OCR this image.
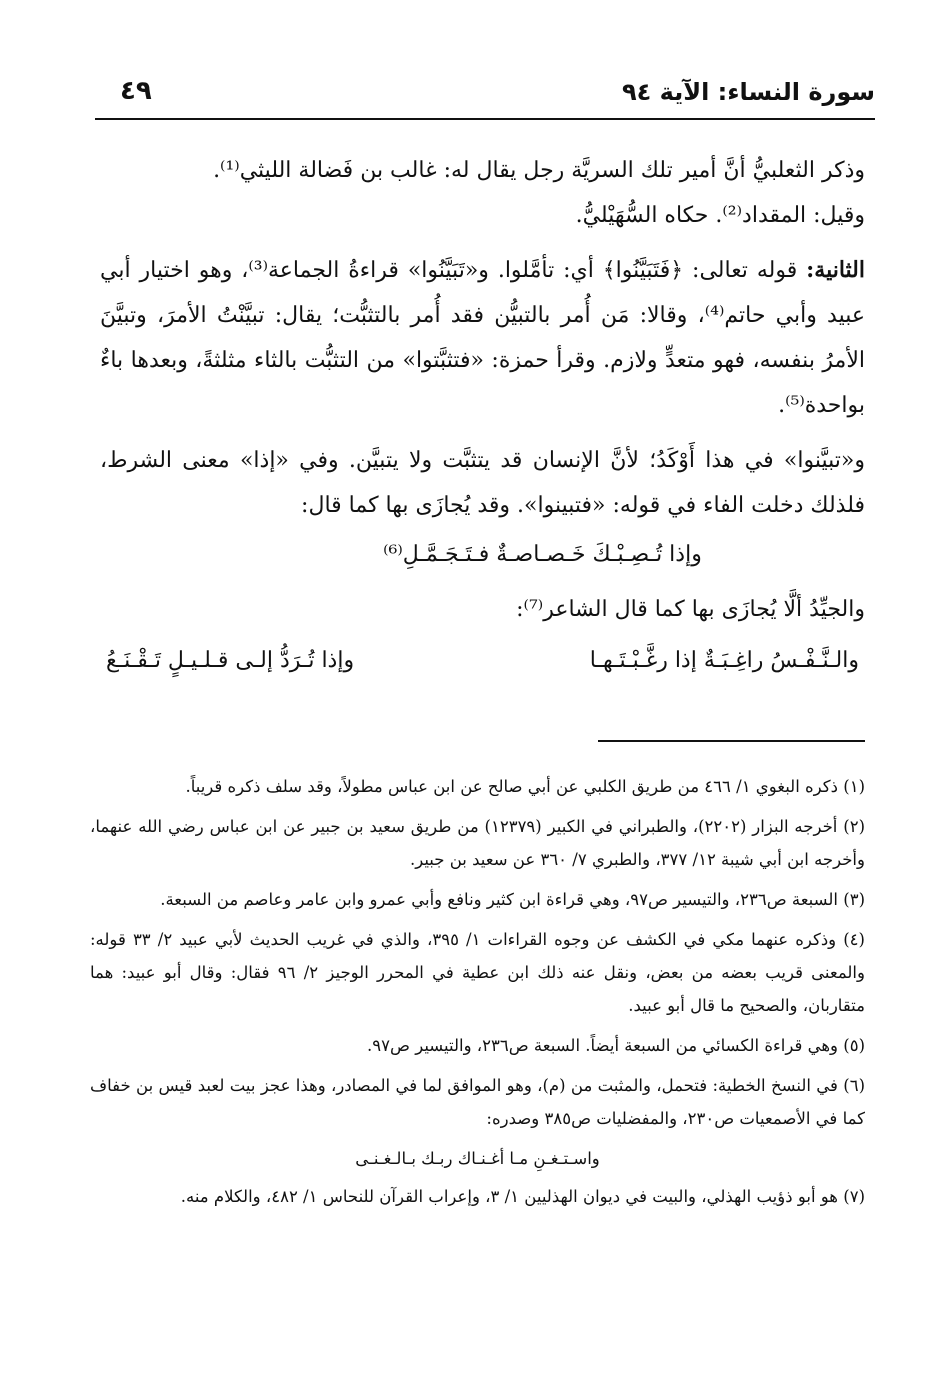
سورة النساء: الآية ٩٤
٤٩

وذكر الثعلبيُّ أنَّ أمير تلك السريَّة رجل يقال له: غالب بن فَضالة الليثي⁽¹⁾.

وقيل: المقداد⁽²⁾. حكاه السُّهَيْليُّ.

الثانية: قوله تعالى: ﴿فَتَبَيَّنُوا﴾ أي: تأمَّلوا. و«تَبَيَّنُوا» قراءةُ الجماعة⁽³⁾، وهو اختيار أبي عبيد وأبي حاتم⁽⁴⁾، وقالا: مَن أُمر بالتبيُّن فقد أُمر بالتثبُّت؛ يقال: تبيَّنْتُ الأمرَ، وتبيَّنَ الأمرُ بنفسه، فهو متعدٍّ ولازم. وقرأ حمزة: «فتثبَّتوا» من التثبُّت بالثاء مثلثةً، وبعدها باءٌ بواحدة⁽⁵⁾.

و«تبيَّنوا» في هذا أَوْكَدُ؛ لأنَّ الإنسان قد يتثبَّت ولا يتبيَّن. وفي «إذا» معنى الشرط، فلذلك دخلت الفاء في قوله: «فتبينوا». وقد يُجازَى بها كما قال:

وإذا تُـصِـبْـكَ خَـصـاصـةٌ فـتَـجَـمَّـلِ⁽⁶⁾

والجيِّدُ ألَّا يُجازَى بها كما قال الشاعر⁽⁷⁾:

والـنَّـفْـسُ راغِـبَـةٌ إذا رغَّـبْـتَـهـا
وإذا تُـرَدُّ إلـى قـلـيـلٍ تَـقْـنَـعُ

(١) ذكره البغوي ١/ ٤٦٦ من طريق الكلبي عن أبي صالح عن ابن عباس مطولاً، وقد سلف ذكره قريباً.

(٢) أخرجه البزار (٢٢٠٢)، والطبراني في الكبير (١٢٣٧٩) من طريق سعيد بن جبير عن ابن عباس رضي الله عنهما، وأخرجه ابن أبي شيبة ١٢/ ٣٧٧، والطبري ٧/ ٣٦٠ عن سعيد بن جبير.

(٣) السبعة ص٢٣٦، والتيسير ص٩٧، وهي قراءة ابن كثير ونافع وأبي عمرو وابن عامر وعاصم من السبعة.

(٤) وذكره عنهما مكي في الكشف عن وجوه القراءات ١/ ٣٩٥، والذي في غريب الحديث لأبي عبيد ٢/ ٣٣ قوله: والمعنى قريب بعضه من بعض، ونقل عنه ذلك ابن عطية في المحرر الوجيز ٢/ ٩٦ فقال: وقال أبو عبيد: هما متقاربان، والصحيح ما قال أبو عبيد.

(٥) وهي قراءة الكسائي من السبعة أيضاً. السبعة ص٢٣٦، والتيسير ص٩٧.

(٦) في النسخ الخطية: فتحمل، والمثبت من (م)، وهو الموافق لما في المصادر، وهذا عجز بيت لعبد قيس بن خفاف كما في الأصمعيات ص٢٣٠، والمفضليات ص٣٨٥ وصدره:

واسـتـغـنِ مـا أغـنـاك ربـك بـالـغـنـى

(٧) هو أبو ذؤيب الهذلي، والبيت في ديوان الهذليين ١/ ٣، وإعراب القرآن للنحاس ١/ ٤٨٢، والكلام منه.
